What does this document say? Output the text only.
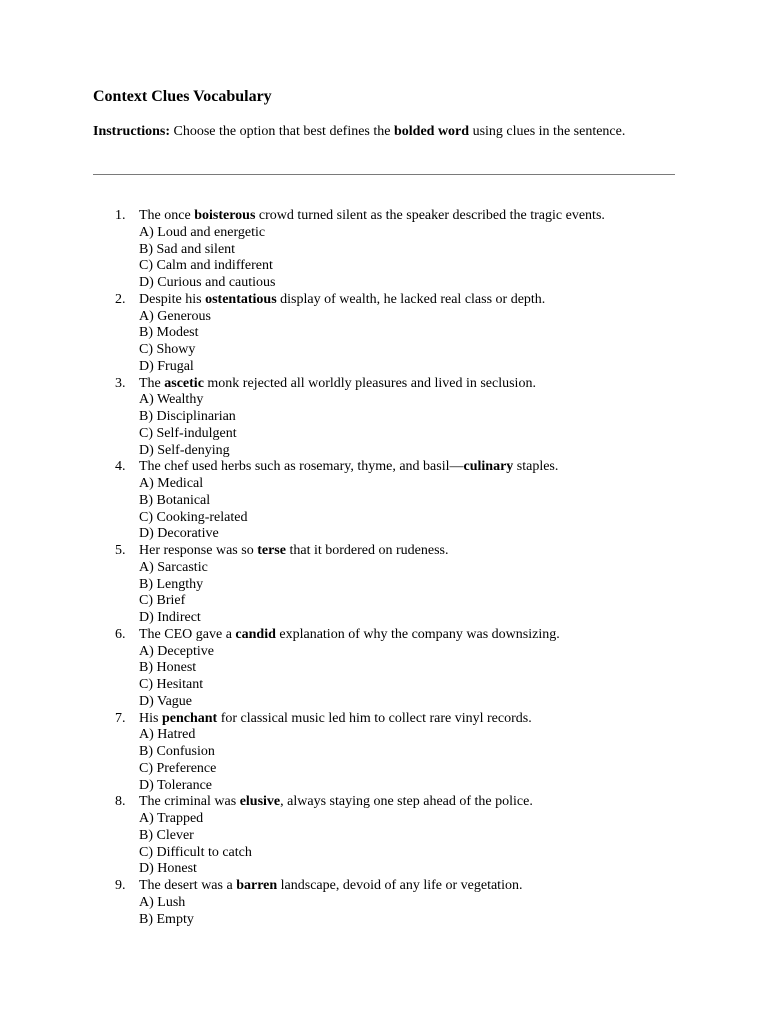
Context Clues Vocabulary
Instructions: Choose the option that best defines the bolded word using clues in the sentence.
1. The once boisterous crowd turned silent as the speaker described the tragic events.
A) Loud and energetic
B) Sad and silent
C) Calm and indifferent
D) Curious and cautious
2. Despite his ostentatious display of wealth, he lacked real class or depth.
A) Generous
B) Modest
C) Showy
D) Frugal
3. The ascetic monk rejected all worldly pleasures and lived in seclusion.
A) Wealthy
B) Disciplinarian
C) Self-indulgent
D) Self-denying
4. The chef used herbs such as rosemary, thyme, and basil—culinary staples.
A) Medical
B) Botanical
C) Cooking-related
D) Decorative
5. Her response was so terse that it bordered on rudeness.
A) Sarcastic
B) Lengthy
C) Brief
D) Indirect
6. The CEO gave a candid explanation of why the company was downsizing.
A) Deceptive
B) Honest
C) Hesitant
D) Vague
7. His penchant for classical music led him to collect rare vinyl records.
A) Hatred
B) Confusion
C) Preference
D) Tolerance
8. The criminal was elusive, always staying one step ahead of the police.
A) Trapped
B) Clever
C) Difficult to catch
D) Honest
9. The desert was a barren landscape, devoid of any life or vegetation.
A) Lush
B) Empty
